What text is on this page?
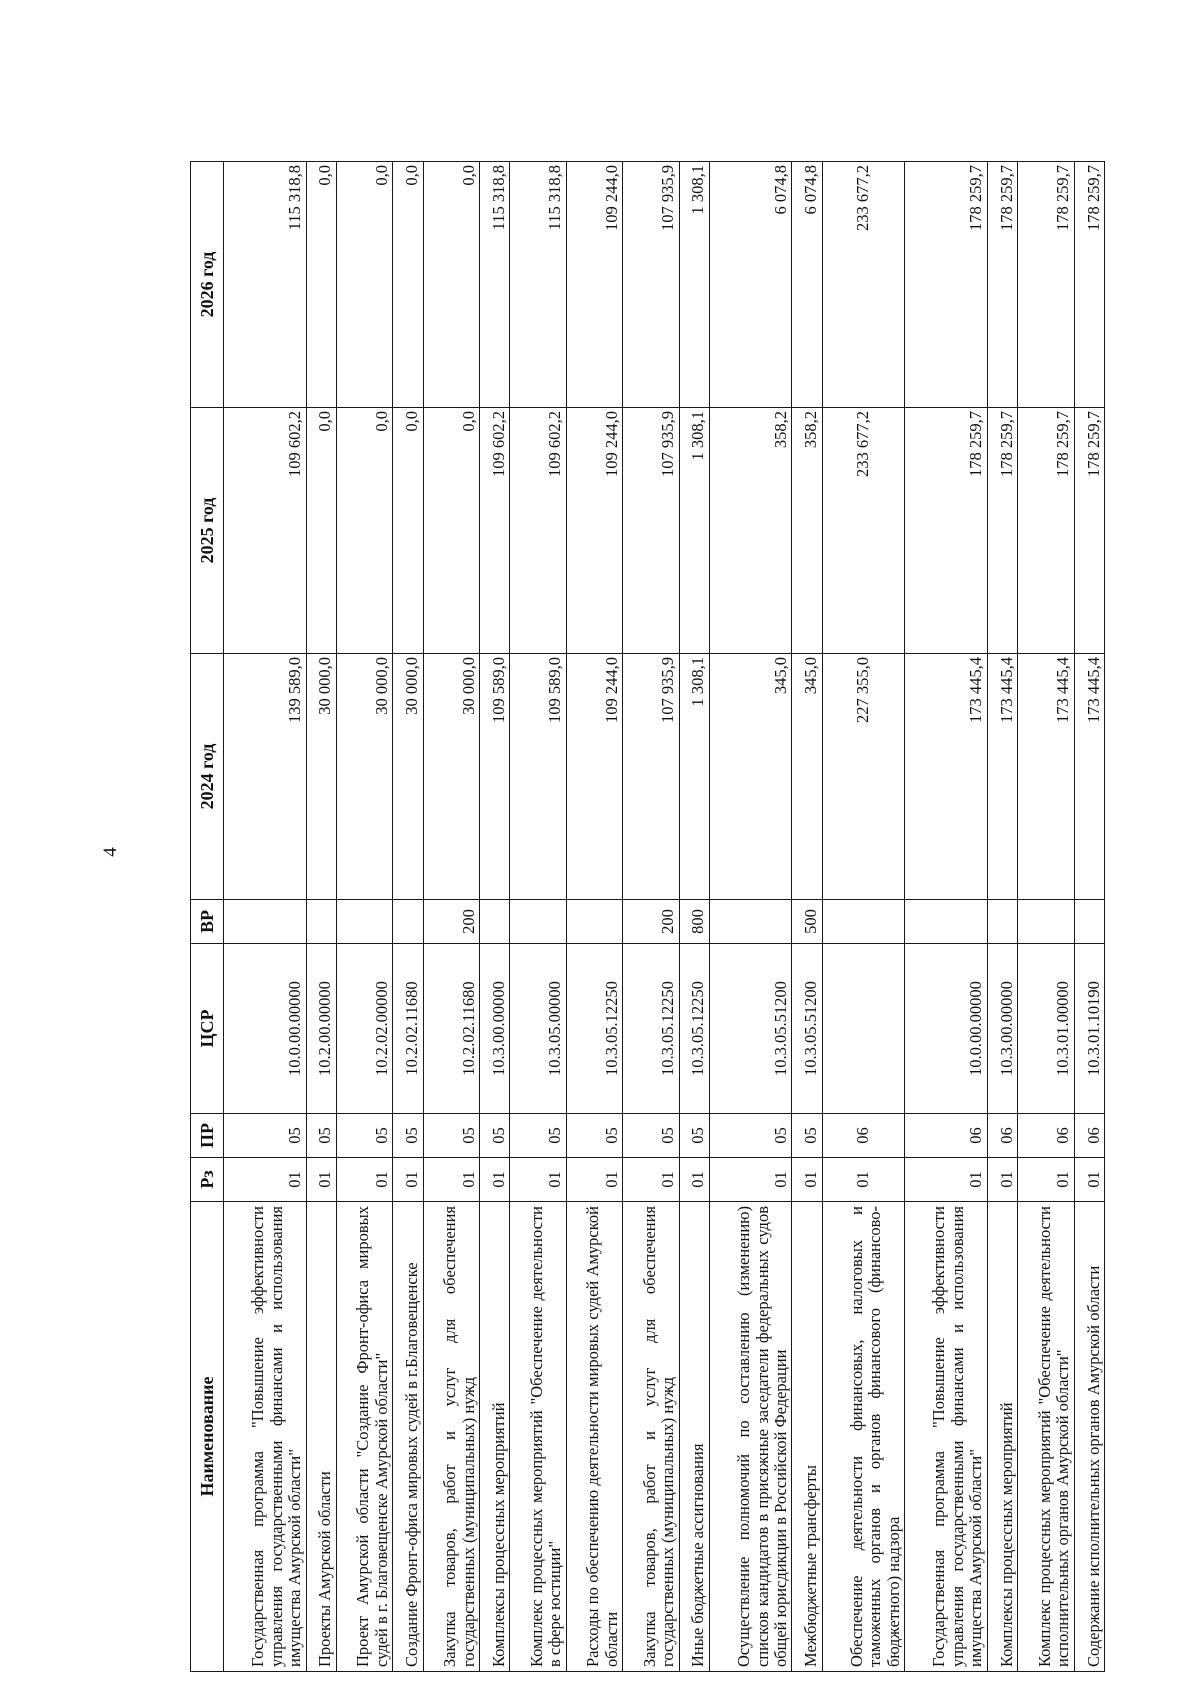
4
Наименование	Рз	ПР	ЦСР	ВР	2024 год	2025 год	2026 год
Государственная программа "Повышение эффективности управления государственными финансами и использования имущества Амурской области"	01	05	10.0.00.00000		139 589,0	109 602,2	115 318,8
Проекты Амурской области	01	05	10.2.00.00000		30 000,0	0,0	0,0
Проект Амурской области "Создание Фронт-офиса мировых судей в г. Благовещенске Амурской области"	01	05	10.2.02.00000		30 000,0	0,0	0,0
Создание Фронт-офиса мировых судей в г.Благовещенске	01	05	10.2.02.11680		30 000,0	0,0	0,0
Закупка товаров, работ и услуг для обеспечения государственных (муниципальных) нужд	01	05	10.2.02.11680	200	30 000,0	0,0	0,0
Комплексы процессных мероприятий	01	05	10.3.00.00000		109 589,0	109 602,2	115 318,8
Комплекс процессных мероприятий "Обеспечение деятельности в сфере юстиции"	01	05	10.3.05.00000		109 589,0	109 602,2	115 318,8
Расходы по обеспечению деятельности мировых судей Амурской области	01	05	10.3.05.12250		109 244,0	109 244,0	109 244,0
Закупка товаров, работ и услуг для обеспечения государственных (муниципальных) нужд	01	05	10.3.05.12250	200	107 935,9	107 935,9	107 935,9
Иные бюджетные ассигнования	01	05	10.3.05.12250	800	1 308,1	1 308,1	1 308,1
Осуществление полномочий по составлению (изменению) списков кандидатов в присяжные заседатели федеральных судов общей юрисдикции в Российской Федерации	01	05	10.3.05.51200		345,0	358,2	6 074,8
Межбюджетные трансферты	01	05	10.3.05.51200	500	345,0	358,2	6 074,8
Обеспечение деятельности финансовых, налоговых и таможенных органов и органов финансового (финансово-бюджетного) надзора	01	06			227 355,0	233 677,2	233 677,2
Государственная программа "Повышение эффективности управления государственными финансами и использования имущества Амурской области"	01	06	10.0.00.00000		173 445,4	178 259,7	178 259,7
Комплексы процессных мероприятий	01	06	10.3.00.00000		173 445,4	178 259,7	178 259,7
Комплекс процессных мероприятий "Обеспечение деятельности исполнительных органов Амурской области"	01	06	10.3.01.00000		173 445,4	178 259,7	178 259,7
Содержание исполнительных органов Амурской области	01	06	10.3.01.10190		173 445,4	178 259,7	178 259,7
